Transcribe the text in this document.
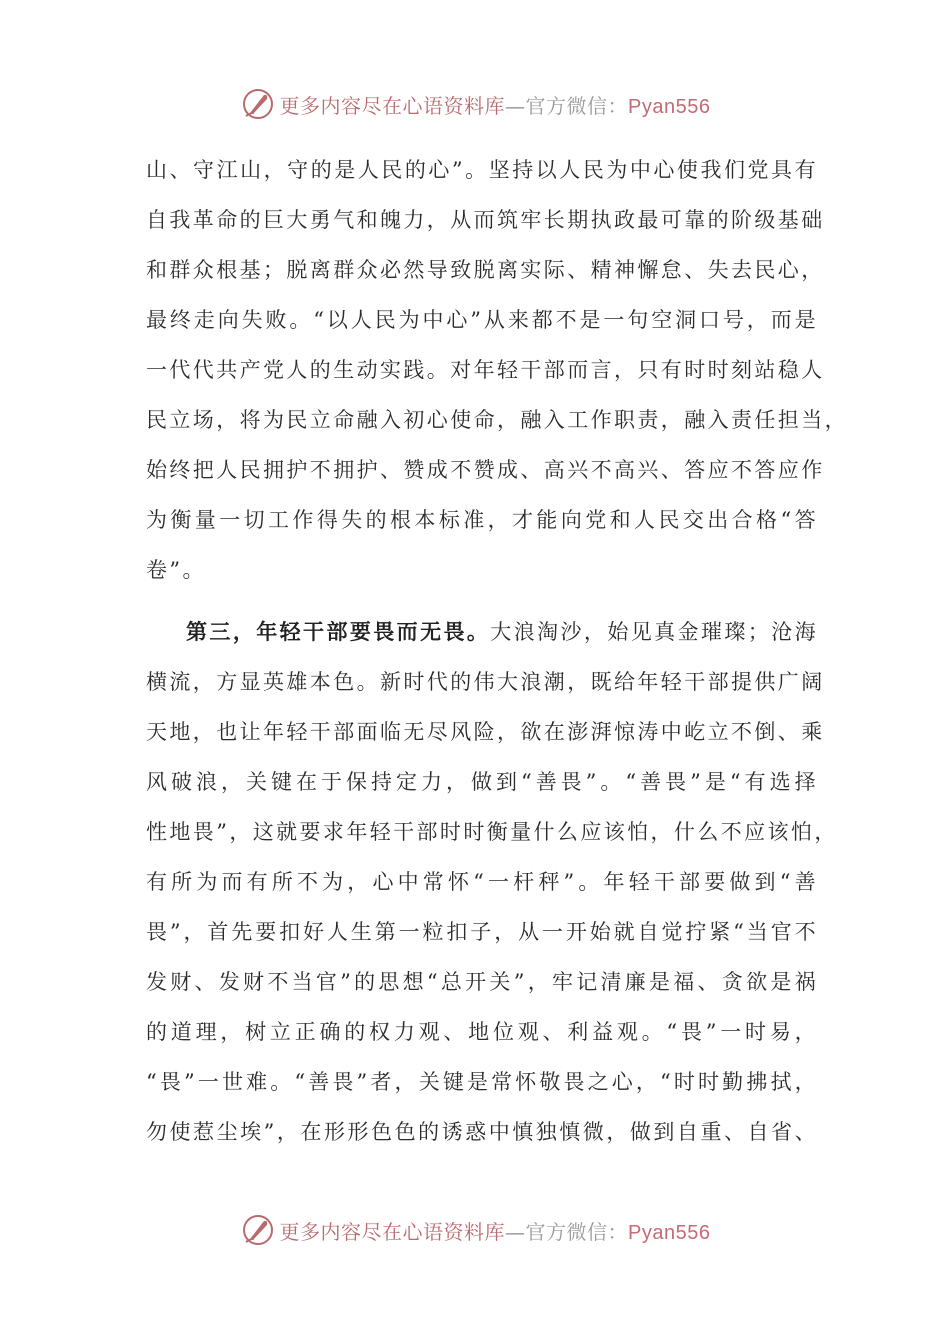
更多内容尽在心语资料库—官方微信：Pyan556
山、守江山，守的是人民的心”。坚持以人民为中心使我们党具有
自我革命的巨大勇气和魄力，从而筑牢长期执政最可靠的阶级基础
和群众根基；脱离群众必然导致脱离实际、精神懈怠、失去民心，
最终走向失败。“以人民为中心”从来都不是一句空洞口号，而是
一代代共产党人的生动实践。对年轻干部而言，只有时时刻站稳人
民立场，将为民立命融入初心使命，融入工作职责，融入责任担当，
始终把人民拥护不拥护、赞成不赞成、高兴不高兴、答应不答应作
为衡量一切工作得失的根本标准，才能向党和人民交出合格“答
卷”。
第三，年轻干部要畏而无畏。大浪淘沙，始见真金璀璨；沧海
横流，方显英雄本色。新时代的伟大浪潮，既给年轻干部提供广阔
天地，也让年轻干部面临无尽风险，欲在澎湃惊涛中屹立不倒、乘
风破浪，关键在于保持定力，做到“善畏”。“善畏”是“有选择
性地畏”，这就要求年轻干部时时衡量什么应该怕，什么不应该怕，
有所为而有所不为，心中常怀“一杆秤”。年轻干部要做到“善
畏”，首先要扣好人生第一粒扣子，从一开始就自觉拧紧“当官不
发财、发财不当官”的思想“总开关”，牢记清廉是福、贪欲是祸
的道理，树立正确的权力观、地位观、利益观。“畏”一时易，
“畏”一世难。“善畏”者，关键是常怀敬畏之心，“时时勤拂拭，
勿使惹尘埃”，在形形色色的诱惑中慎独慎微，做到自重、自省、
更多内容尽在心语资料库—官方微信：Pyan556
